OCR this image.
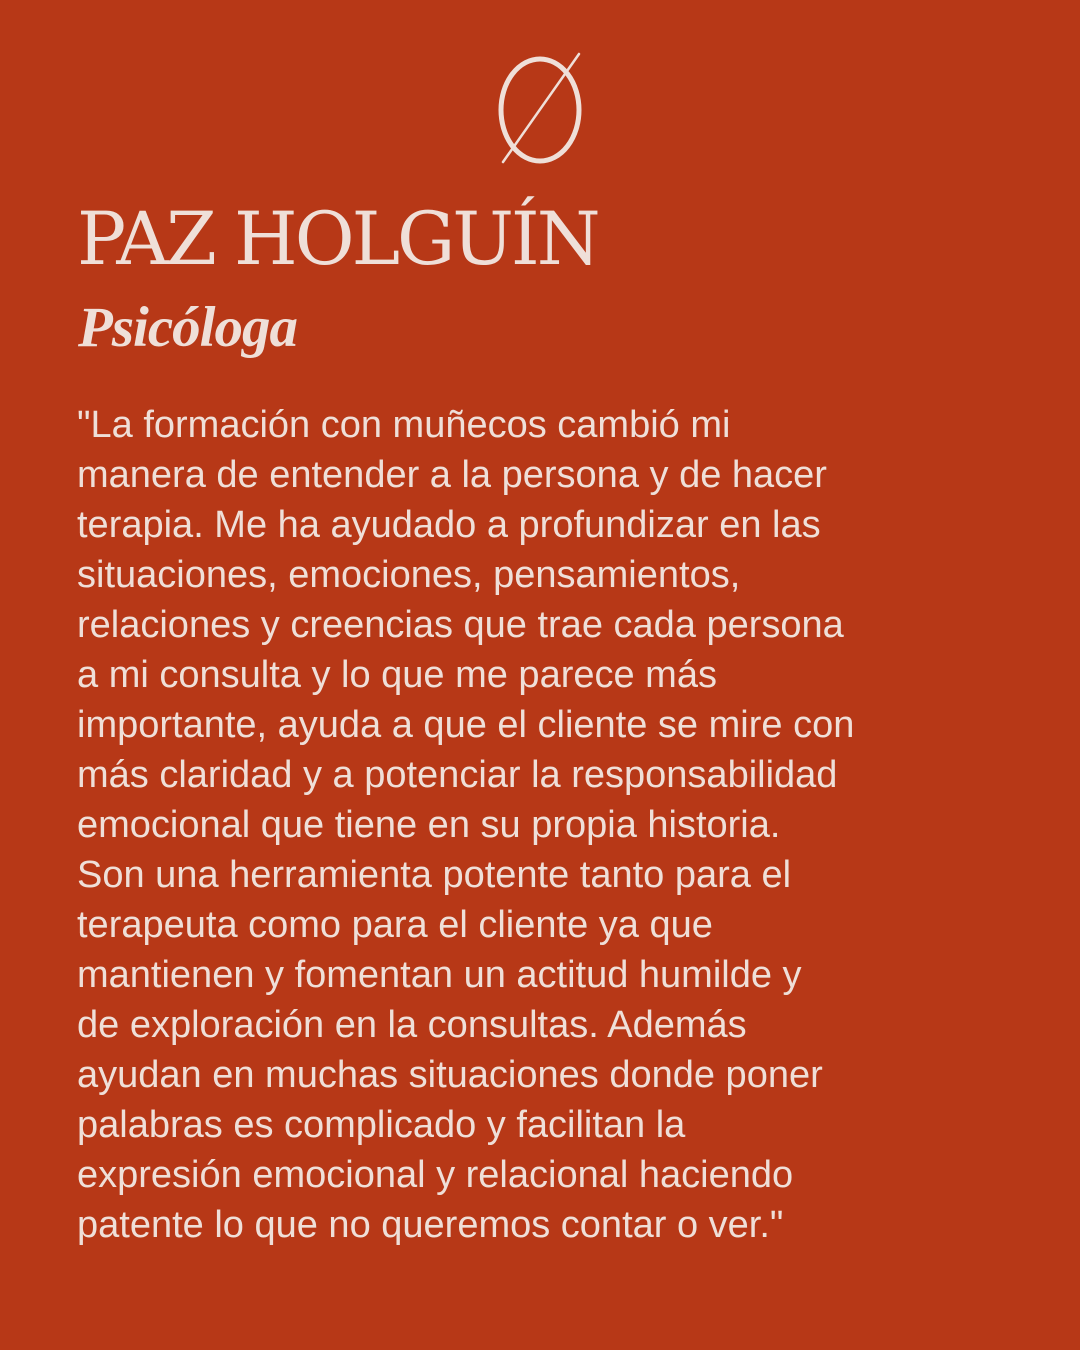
PAZ HOLGUÍN
Psicóloga
"La formación con muñecos cambió mi
manera de entender a la persona y de hacer
terapia. Me ha ayudado a profundizar en las
situaciones, emociones, pensamientos,
relaciones y creencias que trae cada persona
a mi consulta y lo que me parece más
importante, ayuda a que el cliente se mire con
más claridad y a potenciar la responsabilidad
emocional que tiene en su propia historia.
Son una herramienta potente tanto para el
terapeuta como para el cliente ya que
mantienen y fomentan un actitud humilde y
de exploración en la consultas. Además
ayudan en muchas situaciones donde poner
palabras es complicado y facilitan la
expresión emocional y relacional haciendo
patente lo que no queremos contar o ver."
